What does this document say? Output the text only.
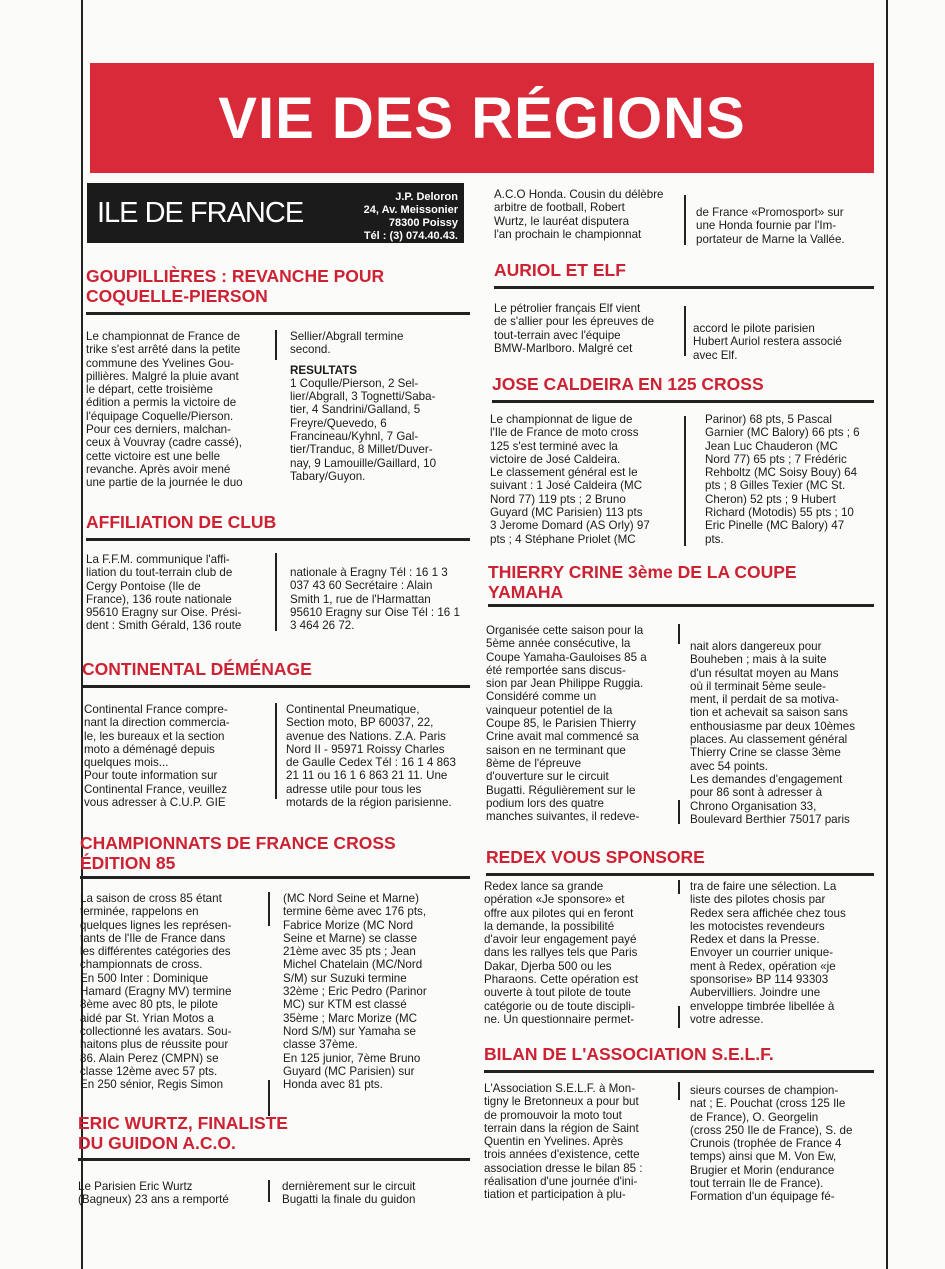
VIE DES RÉGIONS
ILE DE FRANCE	J.P. Deloron
24, Av. Meissonier
78300 Poissy
Tél : (3) 074.40.43.
GOUPILLIÈRES : REVANCHE POUR
COQUELLE-PIERSON

Le championnat de France de
trike s'est arrêté dans la petite
commune des Yvelines Gou-
pillières. Malgré la pluie avant
le départ, cette troisième
édition a permis la victoire de
l'équipage Coquelle/Pierson.
Pour ces derniers, malchan-
ceux à Vouvray (cadre cassé),
cette victoire est une belle
revanche. Après avoir mené
une partie de la journée le duo

Sellier/Abgrall termine
second.

RESULTATS

1 Coqulle/Pierson, 2 Sel-
lier/Abgrall, 3 Tognetti/Saba-
tier, 4 Sandrini/Galland, 5
Freyre/Quevedo, 6
Francineau/Kyhnl, 7 Gal-
tier/Tranduc, 8 Millet/Duver-
nay, 9 Lamouille/Gaillard, 10
Tabary/Guyon.

AFFILIATION DE CLUB

La F.F.M. communique l'affi-
liation du tout-terrain club de
Cergy Pontoise (Ile de
France), 136 route nationale
95610 Eragny sur Oise. Prési-
dent : Smith Gérald, 136 route

nationale à Eragny Tél : 16 1 3
037 43 60 Secrétaire : Alain
Smith 1, rue de l'Harmattan
95610 Eragny sur Oise Tél : 16 1
3 464 26 72.

CONTINENTAL DÉMÉNAGE

Continental France compre-
nant la direction commercia-
le, les bureaux et la section
moto a déménagé depuis
quelques mois...
Pour toute information sur
Continental France, veuillez
vous adresser à C.U.P. GIE

Continental Pneumatique,
Section moto, BP 60037, 22,
avenue des Nations. Z.A. Paris
Nord II - 95971 Roissy Charles
de Gaulle Cedex Tél : 16 1 4 863
21 11 ou 16 1 6 863 21 11. Une
adresse utile pour tous les
motards de la région parisienne.

CHAMPIONNATS DE FRANCE CROSS
ÉDITION 85

La saison de cross 85 étant
terminée, rappelons en
quelques lignes les représen-
tants de l'Ile de France dans
les différentes catégories des
championnats de cross.
En 500 Inter : Dominique
Hamard (Eragny MV) termine
8ème avec 80 pts, le pilote
aidé par St. Yrian Motos a
collectionné les avatars. Sou-
haitons plus de réussite pour
86. Alain Perez (CMPN) se
classe 12ème avec 57 pts.
En 250 sénior, Regis Simon

(MC Nord Seine et Marne)
termine 6ème avec 176 pts,
Fabrice Morize (MC Nord
Seine et Marne) se classe
21ème avec 35 pts ; Jean
Michel Chatelain (MC/Nord
S/M) sur Suzuki termine
32ème ; Eric Pedro (Parinor
MC) sur KTM est classé
35ème ; Marc Morize (MC
Nord S/M) sur Yamaha se
classe 37ème.
En 125 junior, 7ème Bruno
Guyard (MC Parisien) sur
Honda avec 81 pts.

ERIC WURTZ, FINALISTE
DU GUIDON A.C.O.

Le Parisien Eric Wurtz
(Bagneux) 23 ans a remporté

dernièrement sur le circuit
Bugatti la finale du guidon

A.C.O Honda. Cousin du délèbre
arbitre de football, Robert
Wurtz, le lauréat disputera
l'an prochain le championnat

de France «Promosport» sur
une Honda fournie par l'Im-
portateur de Marne la Vallée.

AURIOL ET ELF

Le pétrolier français Elf vient
de s'allier pour les épreuves de
tout-terrain avec l'équipe
BMW-Marlboro. Malgré cet

accord le pilote parisien
Hubert Auriol restera associé
avec Elf.

JOSE CALDEIRA EN 125 CROSS

Le championnat de ligue de
l'Ile de France de moto cross
125 s'est terminé avec la
victoire de José Caldeira.
Le classement général est le
suivant : 1 José Caldeira (MC
Nord 77) 119 pts ; 2 Bruno
Guyard (MC Parisien) 113 pts
3 Jerome Domard (AS Orly) 97
pts ; 4 Stéphane Priolet (MC

Parinor) 68 pts, 5 Pascal
Garnier (MC Balory) 66 pts ; 6
Jean Luc Chauderon (MC
Nord 77) 65 pts ; 7 Frédéric
Rehboltz (MC Soisy Bouy) 64
pts ; 8 Gilles Texier (MC St.
Cheron) 52 pts ; 9 Hubert
Richard (Motodis) 55 pts ; 10
Eric Pinelle (MC Balory) 47
pts.

THIERRY CRINE 3ème DE LA COUPE
YAMAHA

Organisée cette saison pour la
5ème année consécutive, la
Coupe Yamaha-Gauloises 85 a
été remportée sans discus-
sion par Jean Philippe Ruggia.
Considéré comme un
vainqueur potentiel de la
Coupe 85, le Parisien Thierry
Crine avait mal commencé sa
saison en ne terminant que
8ème de l'épreuve
d'ouverture sur le circuit
Bugatti. Régulièrement sur le
podium lors des quatre
manches suivantes, il redeve-

nait alors dangereux pour
Bouheben ; mais à la suite
d'un résultat moyen au Mans
où il terminait 5ème seule-
ment, il perdait de sa motiva-
tion et achevait sa saison sans
enthousiasme par deux 10èmes
places. Au classement général
Thierry Crine se classe 3ème
avec 54 points.
Les demandes d'engagement
pour 86 sont à adresser à
Chrono Organisation 33,
Boulevard Berthier 75017 paris

REDEX VOUS SPONSORE

Redex lance sa grande
opération «Je sponsore» et
offre aux pilotes qui en feront
la demande, la possibilité
d'avoir leur engagement payé
dans les rallyes tels que Paris
Dakar, Djerba 500 ou les
Pharaons. Cette opération est
ouverte à tout pilote de toute
catégorie ou de toute discipli-
ne. Un questionnaire permet-

tra de faire une sélection. La
liste des pilotes chosis par
Redex sera affichée chez tous
les motocistes revendeurs
Redex et dans la Presse.
Envoyer un courrier unique-
ment à Redex, opération «je
sponsorise» BP 114 93303
Aubervilliers. Joindre une
enveloppe timbrée libellée à
votre adresse.

BILAN DE L'ASSOCIATION S.E.L.F.

L'Association S.E.L.F. à Mon-
tigny le Bretonneux a pour but
de promouvoir la moto tout
terrain dans la région de Saint
Quentin en Yvelines. Après
trois années d'existence, cette
association dresse le bilan 85 :
réalisation d'une journée d'ini-
tiation et participation à plu-

sieurs courses de champion-
nat ; E. Pouchat (cross 125 Ile
de France), O. Georgelin
(cross 250 Ile de France), S. de
Crunois (trophée de France 4
temps) ainsi que M. Von Ew,
Brugier et Morin (endurance
tout terrain Ile de France).
Formation d'un équipage fé-
